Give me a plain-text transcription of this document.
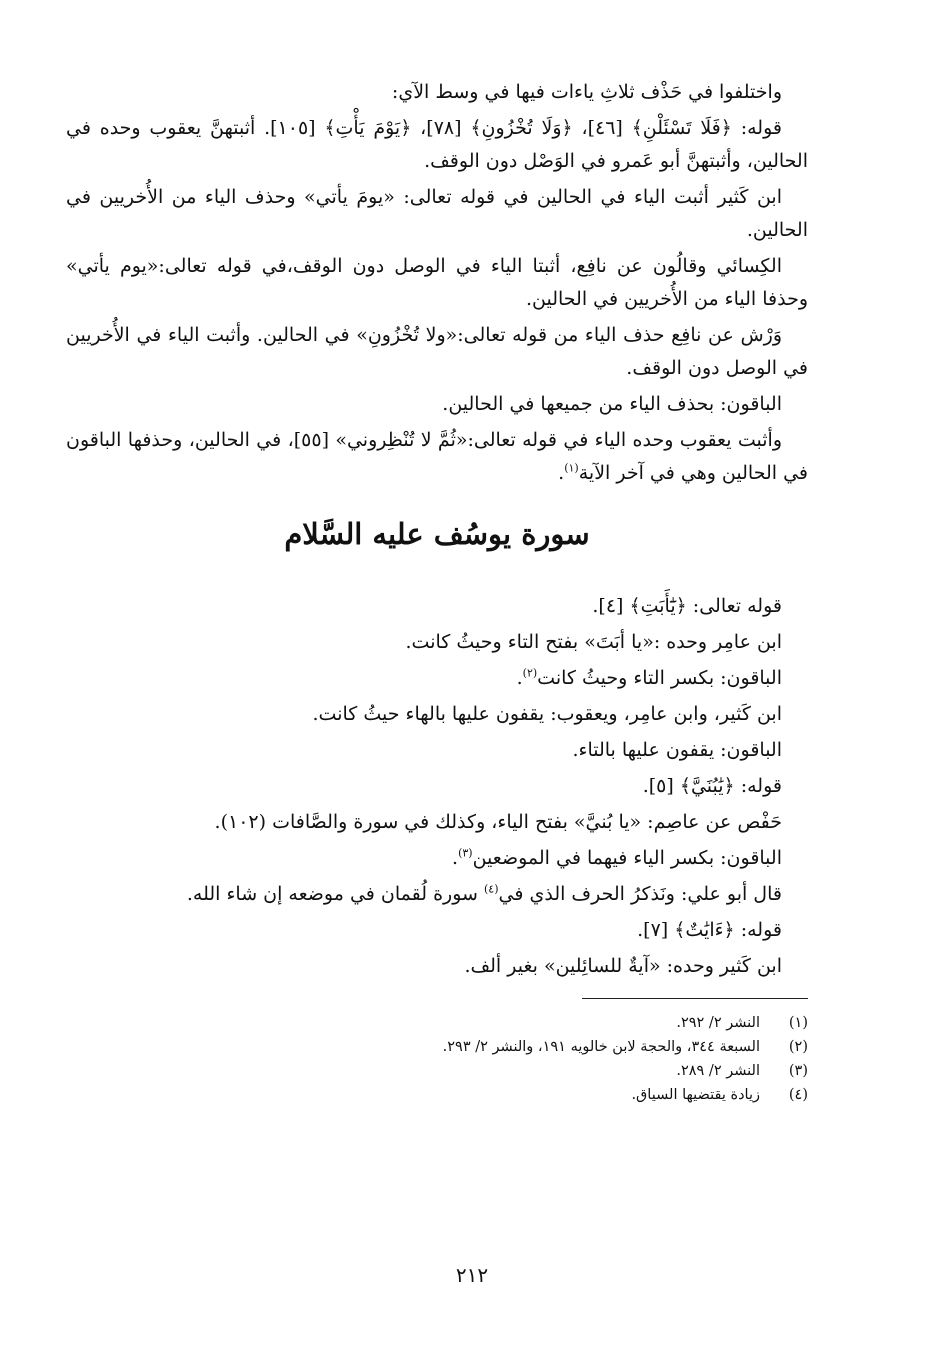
واختلفوا في حَذْف ثلاثِ ياءات فيها في وسط الآي:

قوله: ﴿فَلَا تَسْئَلْنِ﴾ [٤٦]، ﴿وَلَا تُخْزُونِ﴾ [٧٨]، ﴿يَوْمَ يَأْتِ﴾ [١٠٥]. أثبتهنَّ يعقوب وحده في الحالين، وأثبتهنَّ أبو عَمرو في الوَصْل دون الوقف.

ابن كَثير أثبت الياء في الحالين في قوله تعالى: «يومَ يأتي» وحذف الياء من الأُخريين في الحالين.

الكِسائي وقالُون عن نافِع، أثبتا الياء في الوصل دون الوقف،في قوله تعالى:«يوم يأتي» وحذفا الياء من الأُخريين في الحالين.

وَرْش عن نافِع حذف الياء من قوله تعالى:«ولا تُخْزُونِ» في الحالين. وأثبت الياء في الأُخريين في الوصل دون الوقف.

الباقون: بحذف الياء من جميعها في الحالين.

وأثبت يعقوب وحده الياء في قوله تعالى:«ثُمَّ لا تُنْظِروني» [٥٥]، في الحالين، وحذفها الباقون في الحالين وهي في آخر الآية$^{(١)}$.

سورة يوسُف عليه السَّلام

قوله تعالى: ﴿يَٰٓأَبَتِ﴾ [٤].

ابن عامِر وحده :«يا أبَتَ» بفتح التاء وحيثُ كانت.

الباقون: بكسر التاء وحيثُ كانت$^{(٢)}$.

ابن كَثير، وابن عامِر، ويعقوب: يقفون عليها بالهاء حيثُ كانت.

الباقون: يقفون عليها بالتاء.

قوله: ﴿يَٰبُنَيَّ﴾ [٥].

حَفْص عن عاصِم: «يا بُنيَّ» بفتح الياء، وكذلك في سورة والصَّافات (١٠٢).

الباقون: بكسر الياء فيهما في الموضعين$^{(٣)}$.

قال أبو علي: ونَذكرُ الحرف الذي في$^{(٤)}$ سورة لُقمان في موضعه إن شاء الله.

قوله: ﴿ءَايَٰتٌ﴾ [٧].

ابن كَثير وحده: «آيةٌ للسائِلين» بغير ألف.

(١)النشر ٢/ ٢٩٢.

(٢)السبعة ٣٤٤، والحجة لابن خالويه ١٩١، والنشر ٢/ ٢٩٣.

(٣)النشر ٢/ ٢٨٩.

(٤)زيادة يقتضيها السياق.

٢١٢
